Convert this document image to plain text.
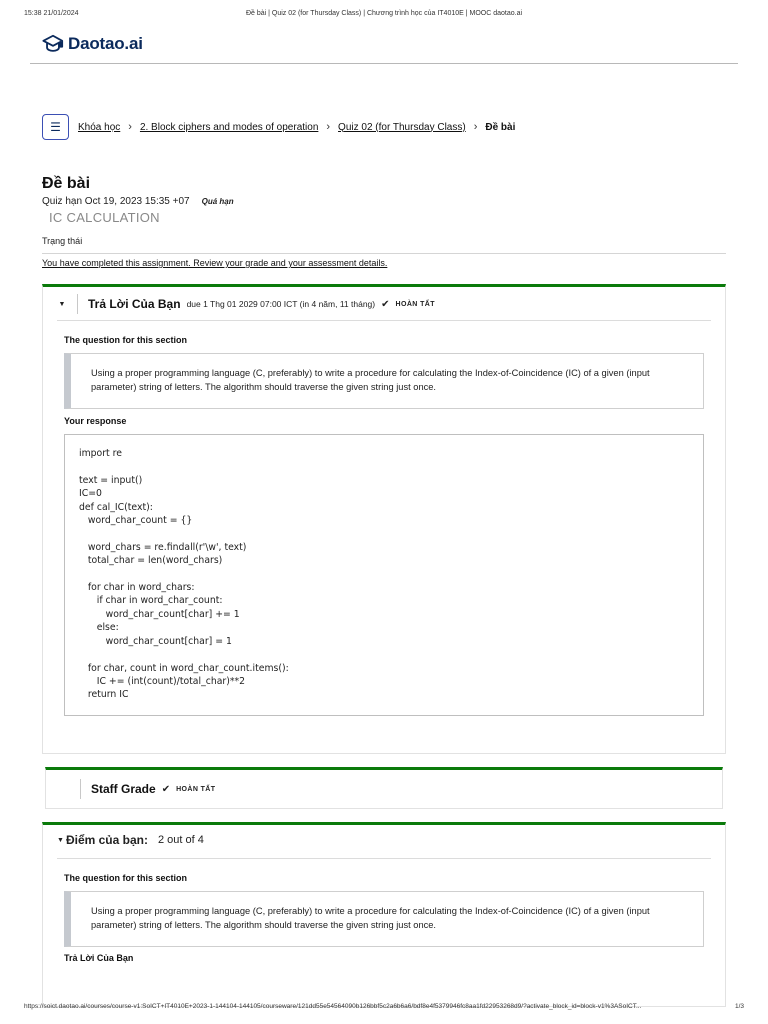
15:38 21/01/2024	Đề bài | Quiz 02 (for Thursday Class) | Chương trình học của IT4010E | MOOC daotao.ai
Daotao.ai
☰ Khóa học › 2. Block ciphers and modes of operation › Quiz 02 (for Thursday Class) › Đề bài
Đề bài
Quiz hạn Oct 19, 2023 15:35 +07 Quá hạn
IC CALCULATION
Trạng thái
You have completed this assignment. Review your grade and your assessment details.
▼ Trả Lời Của Bạn due 1 Thg 01 2029 07:00 ICT (in 4 năm, 11 tháng) ✔ HOÀN TẤT
The question for this section
Using a proper programming language (C, preferably) to write a procedure for calculating the Index-of-Coincidence (IC) of a given (input parameter) string of letters. The algorithm should traverse the given string just once.
Your response
import re

text = input()
IC=0
def cal_IC(text):
word_char_count = {}

word_chars = re.findall(r'\w', text)
total_char = len(word_chars)

for char in word_chars:
if char in word_char_count:
word_char_count[char] += 1
else:
word_char_count[char] = 1

for char, count in word_char_count.items():
IC += (int(count)/total_char)**2
return IC
Staff Grade ✔ HOÀN TẤT
▼ Điểm của bạn: 2 out of 4
The question for this section
Using a proper programming language (C, preferably) to write a procedure for calculating the Index-of-Coincidence (IC) of a given (input parameter) string of letters. The algorithm should traverse the given string just once.
Trả Lời Của Bạn
https://soict.daotao.ai/courses/course-v1:SoICT+IT4010E+2023-1-144104-144105/courseware/121dd55e54564090b126bbf5c2a6b6a6/bdf8e4f5379946fc8aa1fd22953268d9/?activate_block_id=block-v1%3ASoICT...	1/3
